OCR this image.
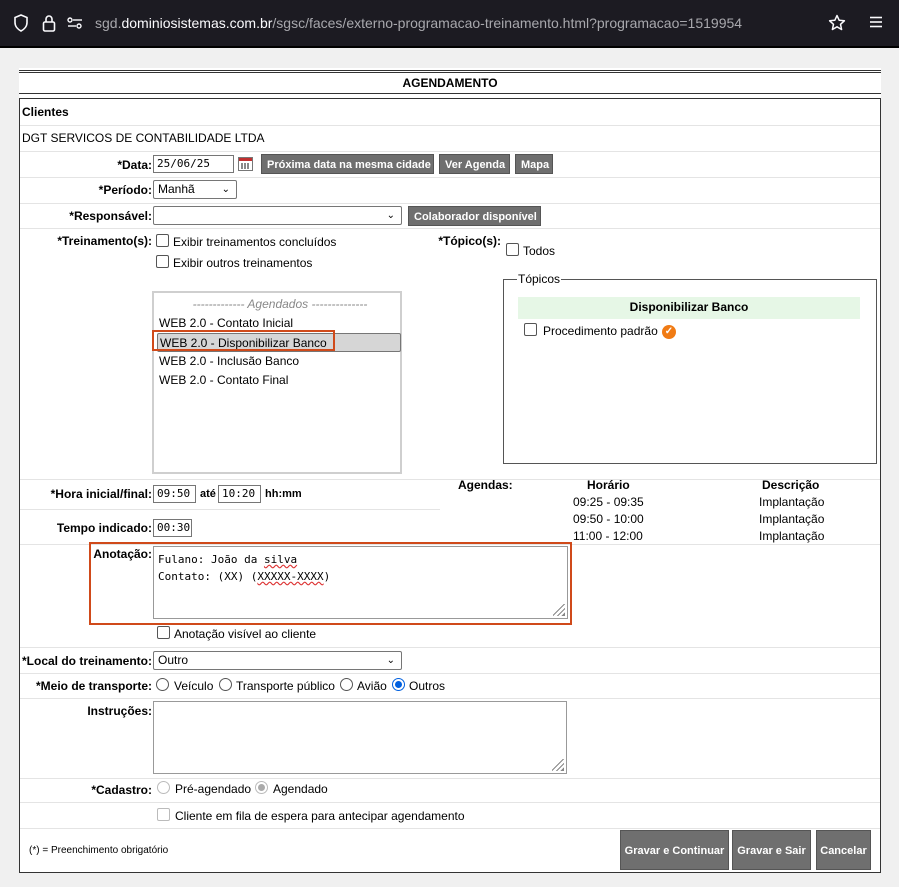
sgd.dominiosistemas.com.br/sgsc/faces/externo-programacao-treinamento.html?programacao=1519954
AGENDAMENTO
Clientes
DGT SERVICOS DE CONTABILIDADE LTDA
*Data: 25/06/25	Próxima data na mesma cidade	Ver Agenda	Mapa
*Período: Manhã	⌄
*Responsável:	⌄	Colaborador disponível
*Treinamento(s): Exibir treinamentos concluídos
Exibir outros treinamentos
*Tópico(s):
Todos
------------- Agendados --------------
WEB 2.0 - Contato Inicial
WEB 2.0 - Disponibilizar Banco
WEB 2.0 - Inclusão Banco
WEB 2.0 - Contato Final
Disponibilizar Banco
Procedimento padrão ✓
Tópicos
*Hora inicial/final: 09:50 até 10:20 hh:mm
Agendas:	Horário	Descrição
09:25 - 09:35	Implantação
09:50 - 10:00	Implantação
11:00 - 12:00	Implantação
Tempo indicado: 00:30
Anotação: Fulano: João da silva
Contato: (XX) (XXXXX-XXXX)
Anotação visível ao cliente
*Local do treinamento: Outro	⌄
*Meio de transporte: Veículo Transporte público Avião Outros
Instruções:
*Cadastro: Pré-agendado Agendado
Cliente em fila de espera para antecipar agendamento
(*) = Preenchimento obrigatório	Gravar e Continuar	Gravar e Sair	Cancelar
